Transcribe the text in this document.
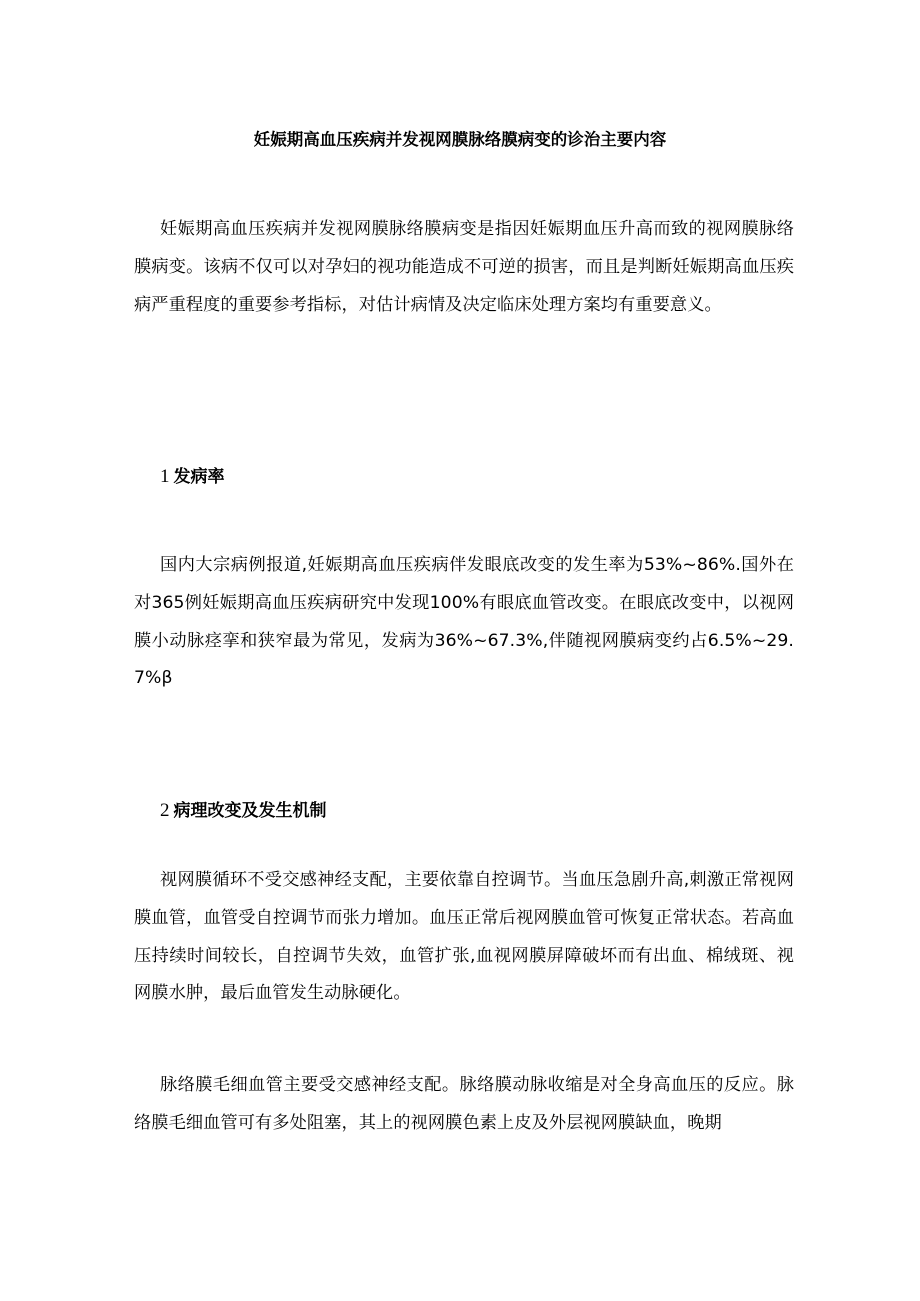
妊娠期高血压疾病并发视网膜脉络膜病变的诊治主要内容

妊娠期高血压疾病并发视网膜脉络膜病变是指因妊娠期血压升高而致的视网膜脉络膜病变。该病不仅可以对孕妇的视功能造成不可逆的损害，而且是判断妊娠期高血压疾病严重程度的重要参考指标，对估计病情及决定临床处理方案均有重要意义。

1 发病率

国内大宗病例报道,妊娠期高血压疾病伴发眼底改变的发生率为53%~86%.国外在对365例妊娠期高血压疾病研究中发现100%有眼底血管改变。在眼底改变中，以视网膜小动脉痉挛和狭窄最为常见，发病为36%~67.3%,伴随视网膜病变约占6.5%~29.7%β

2 病理改变及发生机制

视网膜循环不受交感神经支配，主要依靠自控调节。当血压急剧升高,刺激正常视网膜血管，血管受自控调节而张力增加。血压正常后视网膜血管可恢复正常状态。若高血压持续时间较长，自控调节失效，血管扩张,血视网膜屏障破坏而有出血、棉绒斑、视网膜水肿，最后血管发生动脉硬化。

脉络膜毛细血管主要受交感神经支配。脉络膜动脉收缩是对全身高血压的反应。脉络膜毛细血管可有多处阻塞，其上的视网膜色素上皮及外层视网膜缺血，晚期
